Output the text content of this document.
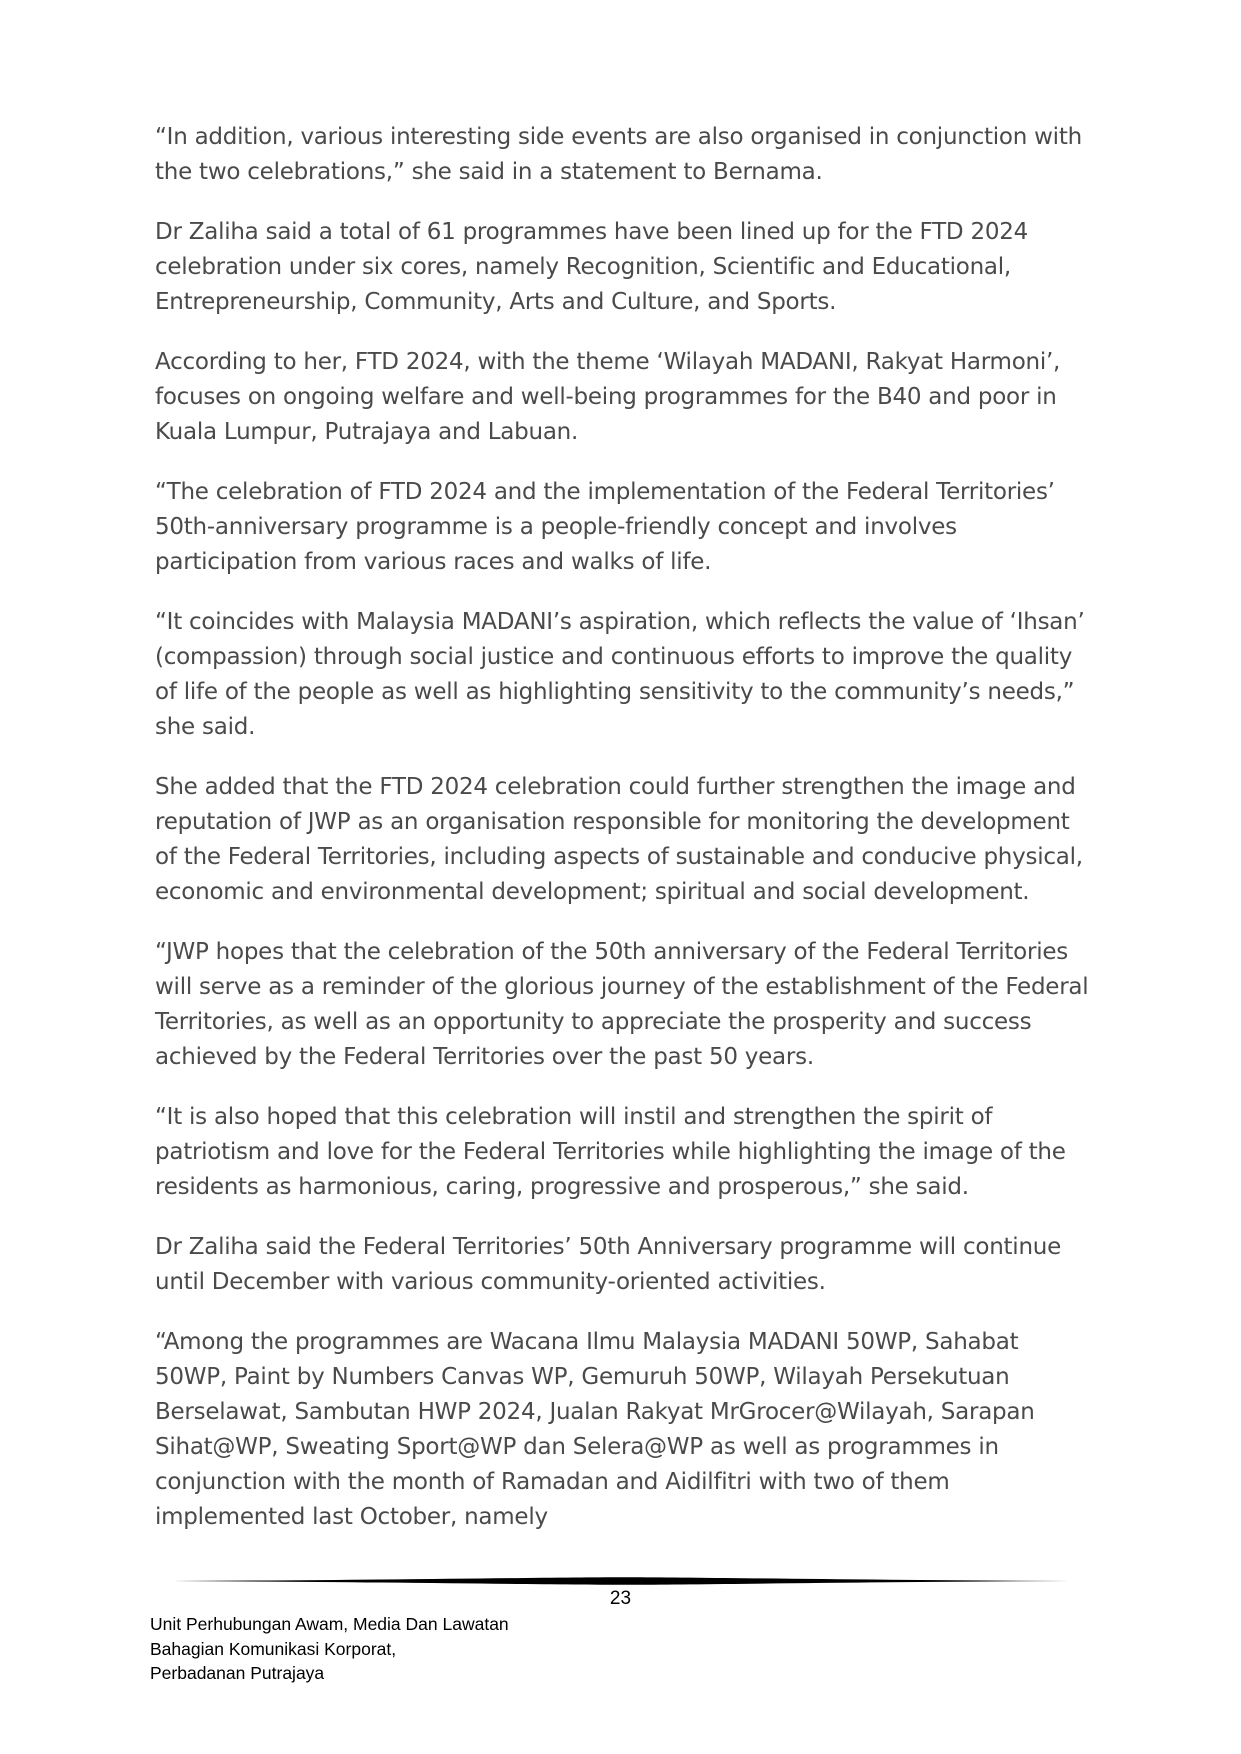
“In addition, various interesting side events are also organised in conjunction with the two celebrations,” she said in a statement to Bernama.

Dr Zaliha said a total of 61 programmes have been lined up for the FTD 2024 celebration under six cores, namely Recognition, Scientific and Educational, Entrepreneurship, Community, Arts and Culture, and Sports.

According to her, FTD 2024, with the theme ‘Wilayah MADANI, Rakyat Harmoni’, focuses on ongoing welfare and well-being programmes for the B40 and poor in Kuala Lumpur, Putrajaya and Labuan.

“The celebration of FTD 2024 and the implementation of the Federal Territories’ 50th-anniversary programme is a people-friendly concept and involves participation from various races and walks of life.

“It coincides with Malaysia MADANI’s aspiration, which reflects the value of ‘Ihsan’ (compassion) through social justice and continuous efforts to improve the quality of life of the people as well as highlighting sensitivity to the community’s needs,” she said.

She added that the FTD 2024 celebration could further strengthen the image and reputation of JWP as an organisation responsible for monitoring the development of the Federal Territories, including aspects of sustainable and conducive physical, economic and environmental development; spiritual and social development.

“JWP hopes that the celebration of the 50th anniversary of the Federal Territories will serve as a reminder of the glorious journey of the establishment of the Federal Territories, as well as an opportunity to appreciate the prosperity and success achieved by the Federal Territories over the past 50 years.

“It is also hoped that this celebration will instil and strengthen the spirit of patriotism and love for the Federal Territories while highlighting the image of the residents as harmonious, caring, progressive and prosperous,” she said.

Dr Zaliha said the Federal Territories’ 50th Anniversary programme will continue until December with various community-oriented activities.

“Among the programmes are Wacana Ilmu Malaysia MADANI 50WP, Sahabat 50WP, Paint by Numbers Canvas WP, Gemuruh 50WP, Wilayah Persekutuan Berselawat, Sambutan HWP 2024, Jualan Rakyat MrGrocer@Wilayah, Sarapan Sihat@WP, Sweating Sport@WP dan Selera@WP as well as programmes in conjunction with the month of Ramadan and Aidilfitri with two of them implemented last October, namely

23
Unit Perhubungan Awam, Media Dan Lawatan
Bahagian Komunikasi Korporat,
Perbadanan Putrajaya
